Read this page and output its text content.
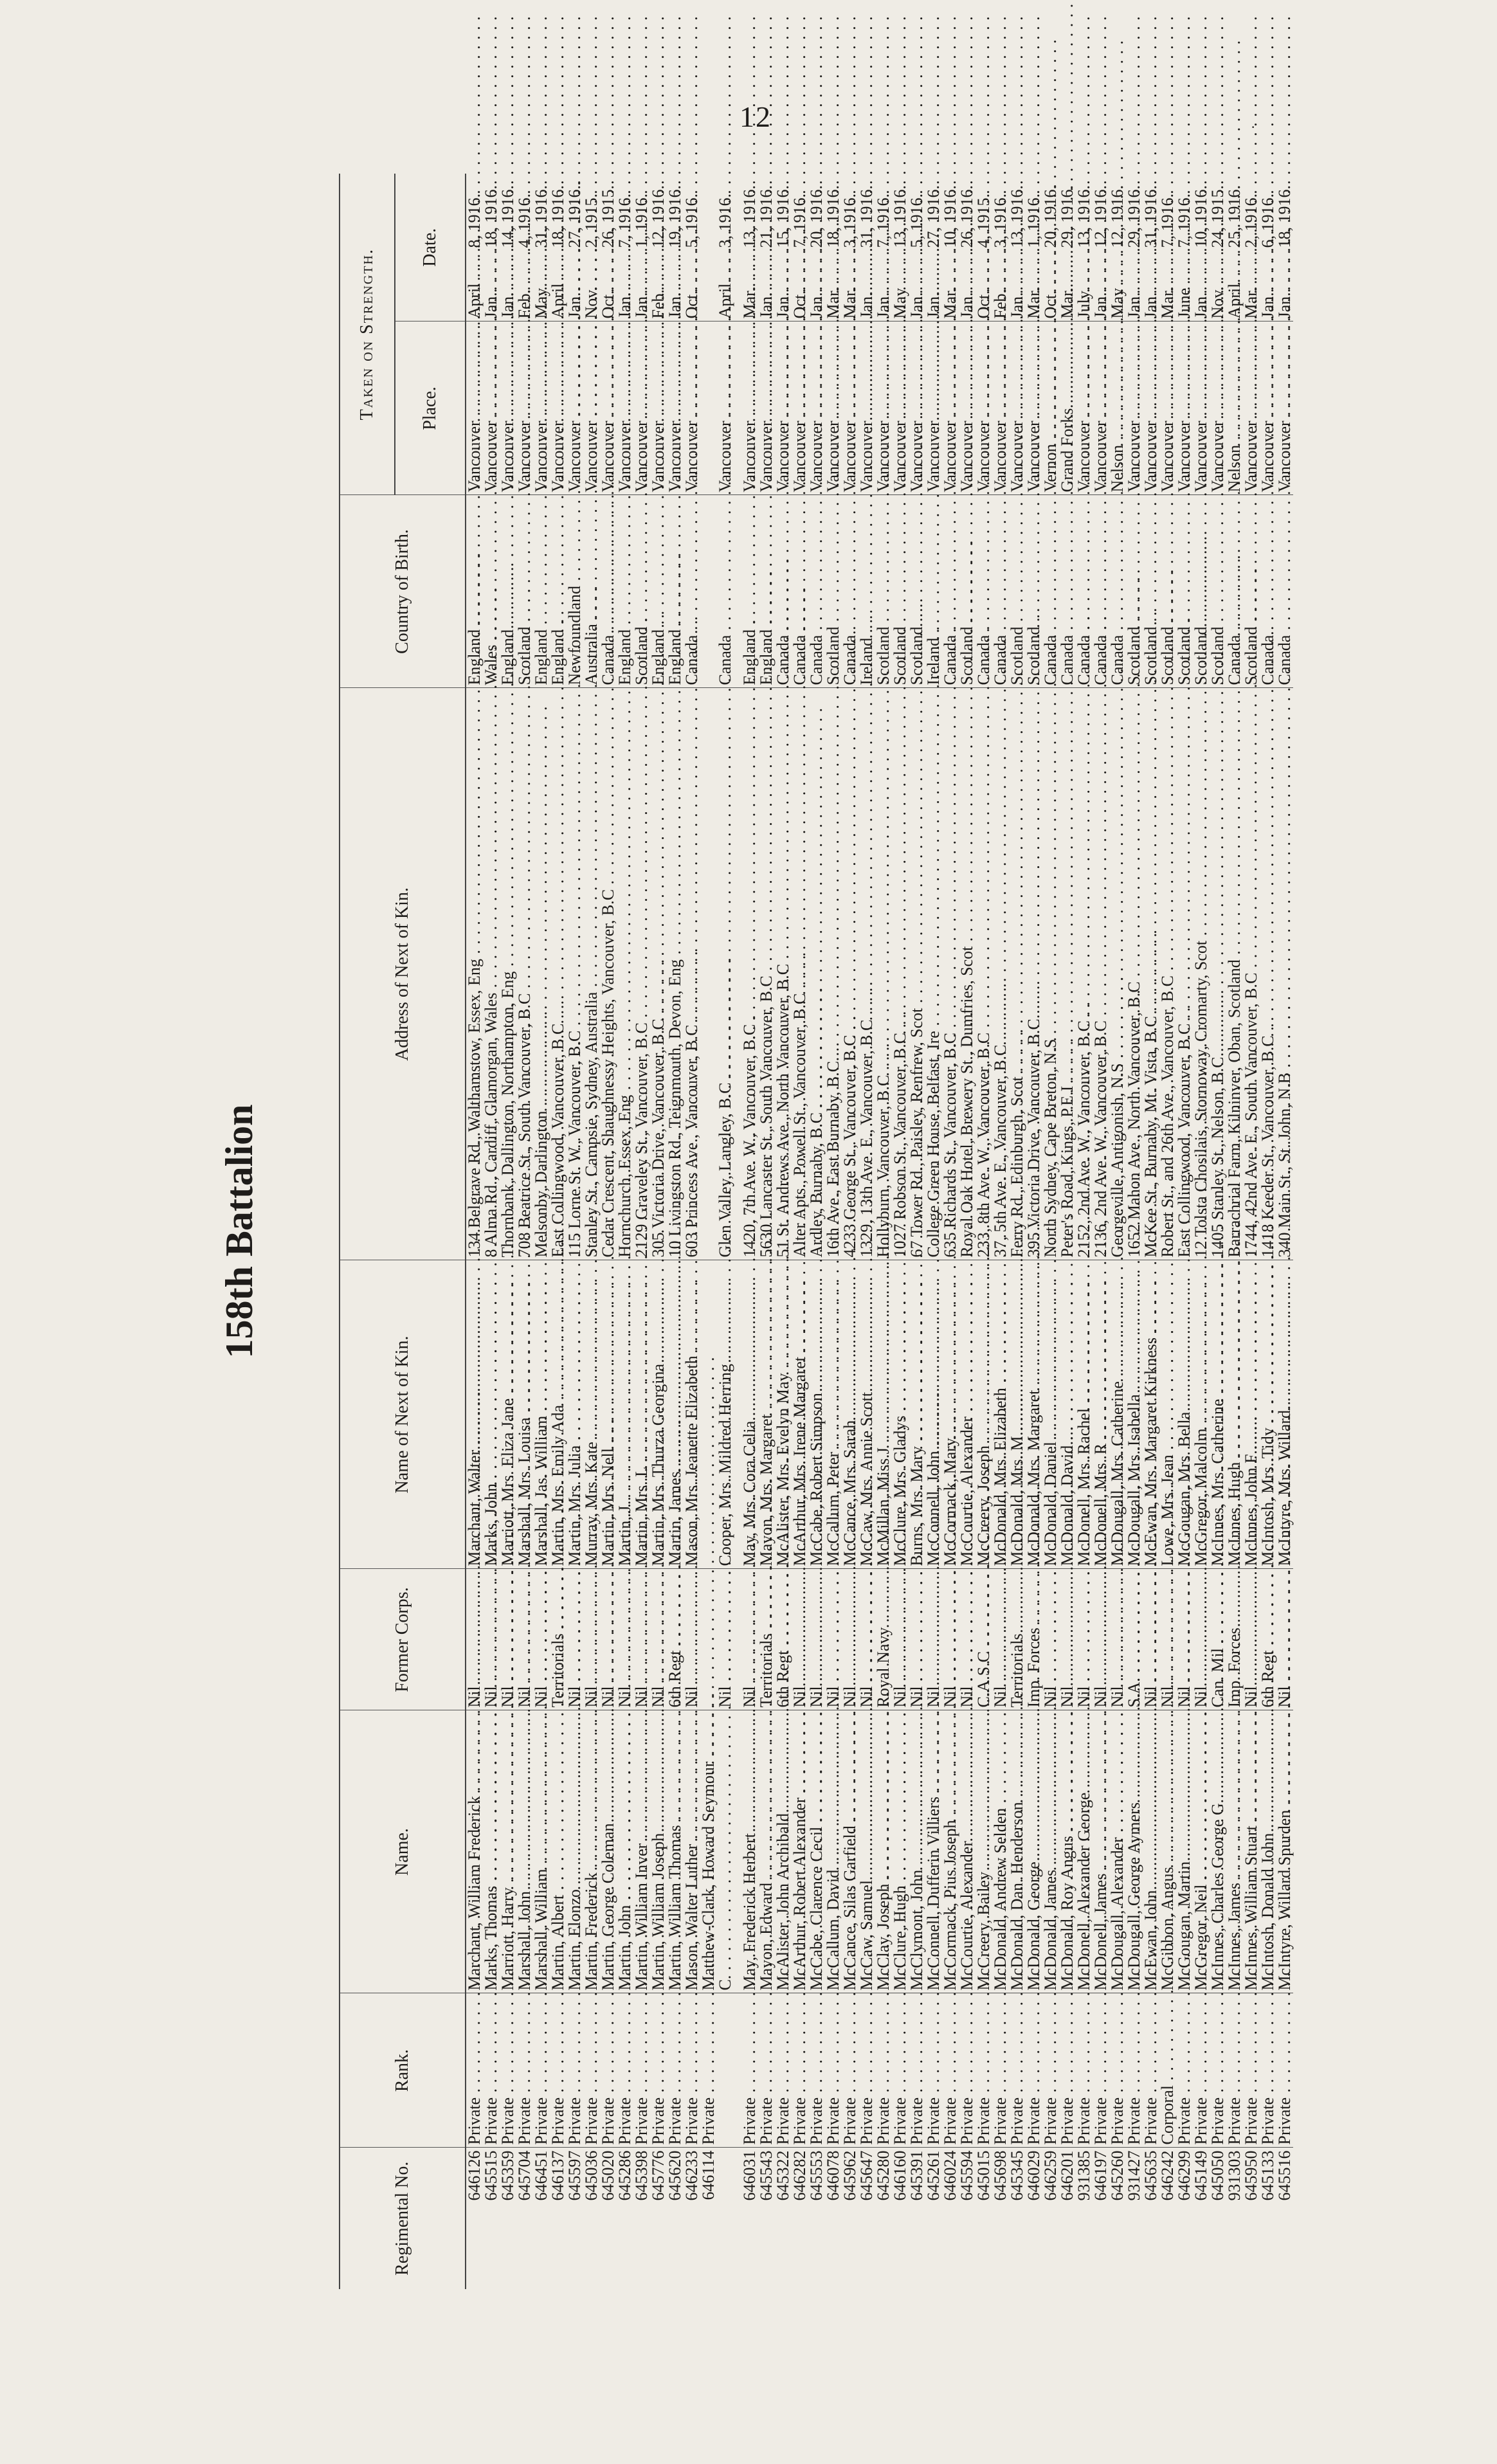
12	·
158th Battalion
Regimental No.	Rank.	Name.	Former Corps.	Name of Next of Kin.	Address of Next of Kin.	Country of Birth.	Taken on Strength.	
							Place.	Date.
646126	Private . . .	Marchant, William Frederick . . .	Nil . . .	Marchant, Walter . . .	134 Belgrave Rd., Walthamstow, Essex, Eng . . .	England . . .	Vancouver . . .	April8, 1916.
645515	Private . . .	Marks, Thomas . . .	Nil . . .	Marks, John . . .	8 Alma Rd., Cardiff, Glamorgan, Wales . . .	Wales . . .	Vancouver . . .	Jan.18, 1916.
645359	Private . . .	Marriott, Harry . . .	Nil . . .	Marriott, Mrs. Eliza Jane . . .	Thornbank, Dallington, Northampton, Eng . . .	England . . .	Vancouver . . .	Jan.14, 1916.
645704	Private . . .	Marshall, John . . .	Nil . . .	Marshall, Mrs. Louisa . . .	708 Beatrice St., South Vancouver, B.C . . .	Scotland . . .	Vancouver . . .	Feb.4, 1916.
646451	Private . . .	Marshall, William . . .	Nil . . .	Marshall, Jas. William . . .	Melsonby, Darlington . . .	England . . .	Vancouver . . .	May31, 1916.
646137	Private . . .	Martin, Albert . . .	Territorials . . .	Martin, Mrs. Emily Ada . . .	East Collingwood, Vancouver, B.C . . .	England . . .	Vancouver . . .	April18, 1916.
645597	Private . . .	Martin, Elonzo . . .	Nil . . .	Martin, Mrs. Julia . . .	115 Lorne St. W., Vancouver, B.C . . .	Newfoundland . . .	Vancouver . . .	Jan.27, 1916.
645036	Private . . .	Martin, Frederick . . .	Nil . . .	Murray, Mrs. Kate . . .	Stanley St., Campsie, Sydney, Australia . . .	Australia . . .	Vancouver . . .	Nov.2, 1915.
645020	Private . . .	Martin, George Coleman . . .	Nil . . .	Martin, Mrs. Nell . . .	Cedar Crescent, Shaughnessy Heights, Vancouver, B.C . . .	Canada . . .	Vancouver . . .	Oct.26, 1915.
645286	Private . . .	Martin, John . . .	Nil . . .	Martin, J . . .	Hornchurch, Essex, Eng . . .	England . . .	Vancouver . . .	Jan.7, 1916.
645398	Private . . .	Martin, William Inver . . .	Nil . . .	Martin, Mrs. L . . .	2129 Graveley St., Vancouver, B.C . . .	Scotland . . .	Vancouver . . .	Jan.1, 1916.
645776	Private . . .	Martin, William Joseph . . .	Nil . . .	Martin, Mrs. Thurza Georgina . . .	305 Victoria Drive, Vancouver, B.C . . .	England . . .	Vancouver . . .	Feb.12, 1916.
645620	Private . . .	Martin, William Thomas . . .	6th Regt . . .	Martin, James . . .	10 Livingston Rd., Teignmouth, Devon, Eng . . .	England . . .	Vancouver . . .	Jan.19, 1916.
646233	Private . . .	Mason, Walter Luther . . .	Nil . . .	Mason, Mrs. Jeanette Elizabeth . . .	603 Princess Ave., Vancouver, B.C . . .	Canada . . .	Vancouver . . .	Oct.5, 1916.
646114	Private . . .	Matthew-Clark, Howard Seymour . . .						
		C. . . .	Nil . . .	Cooper, Mrs. Mildred Herring . . .	Glen Valley, Langley, B.C . . .	Canada . . .	Vancouver . . .	April3, 1916.

646031	Private . . .	May, Frederick Herbert . . .	Nil . . .	May, Mrs. Cora Celia . . .	1420, 7th Ave. W., Vancouver, B.C . . .	England . . .	Vancouver . . .	Mar.13, 1916.
645543	Private . . .	Mayon, Edward . . .	Territorials . . .	Mayon, Mrs. Margaret . . .	5630 Lancaster St., South Vancouver, B.C . . .	England . . .	Vancouver . . .	Jan.21, 1916.
645322	Private . . .	McAlister, John Archibald . . .	6th Regt . . .	McAlister, Mrs. Evelyn May . . .	51 St. Andrews Ave., North Vancouver, B.C . . .	Canada . . .	Vancouver . . .	Jan.15, 1916.
646282	Private . . .	McArthur, Robert Alexander . . .	Nil . . .	McArthur, Mrs. Irene Margaret . . .	Alter Apts., Powell St., Vancouver, B.C . . .	Canada . . .	Vancouver . . .	Oct.7, 1916.
645553	Private . . .	McCabe, Clarence Cecil . . .	Nil . . .	McCabe, Robert Simpson . . .	Ardley, Burnaby, B.C . . .	Canada . . .	Vancouver . . .	Jan.20, 1916.
646078	Private . . .	McCallum, David . . .	Nil . . .	McCallum, Peter . . .	16th Ave., East Burnaby, B.C . . .	Scotland . . .	Vancouver . . .	Mar.18, 1916.
645962	Private . . .	McCance, Silas Garfield . . .	Nil . . .	McCance, Mrs. Sarah . . .	4233 George St., Vancouver, B.C . . .	Canada . . .	Vancouver . . .	Mar.3, 1916.
645647	Private . . .	McCaw, Samuel . . .	Nil . . .	McCaw, Mrs. Annie Scott . . .	1329, 13th Ave. E., Vancouver, B.C . . .	Ireland . . .	Vancouver . . .	Jan.31, 1916.
645280	Private . . .	McClay, Joseph . . .	Royal Navy . . .	McMillan, Miss J . . .	Hollyburn, Vancouver, B.C . . .	Scotland . . .	Vancouver . . .	Jan.7, 1916.
646160	Private . . .	McClure, Hugh . . .	Nil . . .	McClure, Mrs. Gladys . . .	1027 Robson St., Vancouver, B.C . . .	Scotland . . .	Vancouver . . .	May13, 1916.
645391	Private . . .	McClymont, John . . .	Nil . . .	Burns, Mrs. Mary . . .	67 Tower Rd., Paisley, Renfrew, Scot . . .	Scotland . . .	Vancouver . . .	Jan.5, 1916.
645261	Private . . .	McConnell, Dufferin Villiers . . .	Nil . . .	McConnell, John . . .	College Green House, Belfast, Ire . . .	Ireland . . .	Vancouver . . .	Jan.27, 1916.
646024	Private . . .	McCormack, Pius Joseph . . .	Nil . . .	McCormack, Mary . . .	635 Richards St., Vancouver, B.C . . .	Canada . . .	Vancouver . . .	Mar.10, 1916.
645594	Private . . .	McCourtie, Alexander . . .	Nil . . .	McCourtie, Alexander . . .	Royal Oak Hotel, Brewery St., Dumfries, Scot . . .	Scotland . . .	Vancouver . . .	Jan.26, 1916.
645015	Private . . .	McCreery, Bailey . . .	C.A.S.C . . .	McCreery, Joseph . . .	233, 8th Ave. W., Vancouver, B.C . . .	Canada . . .	Vancouver . . .	Oct.4, 1915.
645698	Private . . .	McDonald, Andrew Selden . . .	Nil . . .	McDonald, Mrs. Elizabeth . . .	37, 5th Ave. E., Vancouver, B.C . . .	Canada . . .	Vancouver . . .	Feb.3, 1916.
645345	Private . . .	McDonald, Dan. Henderson . . .	Territorials . . .	McDonald, Mrs. M . . .	Ferry Rd., Edinburgh, Scot . . .	Scotland . . .	Vancouver . . .	Jan.13, 1916.
646029	Private . . .	McDonald, George . . .	Imp. Forces . . .	McDonald, Mrs. Margaret . . .	395 Victoria Drive, Vancouver, B.C . . .	Scotland . . .	Vancouver . . .	Mar.1, 1916.
646259	Private . . .	McDonald, James . . .	Nil . . .	McDonald, Daniel . . .	North Sydney, Cape Breton, N.S . . .	Canada . . .	Vernon . . .	Oct.20, 1916.
646201	Private . . .	McDonald, Roy Angus . . .	Nil . . .	McDonald, David . . .	Peter's Road, Kings, P.E.I . . .	Canada . . .	Grand Forks . . .	Mar.29, 1916.
931385	Private . . .	McDonell, Alexander George . . .	Nil . . .	McDonell, Mrs. Rachel . . .	2152, 2nd Ave. W., Vancouver, B.C . . .	Canada . . .	Vancouver . . .	July13, 1916.
646197	Private . . .	McDonell, James . . .	Nil . . .	McDonell, Mrs. R . . .	2136, 2nd Ave. W., Vancouver, B.C . . .	Canada . . .	Vancouver . . .	Jan.12, 1916.
645260	Private . . .	McDougall, Alexander . . .	Nil . . .	McDougall, Mrs. Catherine . . .	Georgeville, Antigonish, N.S . . .	Canada . . .	Nelson . . .	May12, 1916.
931427	Private . . .	McDougall, George Aymers . . .	S.A. . . .	McDougall, Mrs. Isabella . . .	1652 Mahon Ave., North Vancouver, B.C . . .	Scotland . . .	Vancouver . . .	Jan.29, 1916.
645635	Private . . .	McEwan, John . . .	Nil . . .	McEwan, Mrs. Margaret Kirkness . . .	McKee St., Burnaby, Mt. Vista, B.C . . .	Scotland . . .	Vancouver . . .	Jan.31, 1916.
646242	Corporal . . .	McGibbon, Angus . . .	Nil . . .	Lowe, Mrs. Jean . . .	Robert St., and 26th Ave., Vancouver, B.C . . .	Scotland . . .	Vancouver . . .	Mar.7, 1916.
646299	Private . . .	McGougan, Martin . . .	Nil . . .	McGougan, Mrs. Bella . . .	East Collingwood, Vancouver, B.C . . .	Scotland . . .	Vancouver . . .	June7, 1916.
645149	Private . . .	McGregor, Neil . . .	Nil . . .	McGregor, Malcolm . . .	12 Tolsta Chosilais, Stornoway, Cromarty, Scot . . .	Scotland . . .	Vancouver . . .	Jan.10, 1916.
645050	Private . . .	McInnes, Charles George G . . .	Can. Mil . . .	McInnes, Mrs. Catherine . . .	1405 Stanley St., Nelson, B.C . . .	Scotland . . .	Vancouver . . .	Nov.24, 1915.
931303	Private . . .	McInnes, James . . .	Imp. Forces . . .	McInnes, Hugh . . .	Barrachrial Farm, Kilninver, Oban, Scotland . . .	Canada . . .	Nelson . . .	April25, 1916.
645950	Private . . .	McInnes, William Stuart . . .	Nil . . .	McInnes, John F . . .	1744, 42nd Ave. E., South Vancouver, B.C . . .	Scotland . . .	Vancouver . . .	Mar.2, 1916.
645133	Private . . .	McIntosh, Donald John . . .	6th Regt . . .	McIntosh, Mrs. Tidy . . .	1418 Keeder St., Vancouver, B.C . . .	Canada . . .	Vancouver . . .	Jan.6, 1916.
645516	Private . . .	McIntyre, Willard Spurden . . .	Nil . . .	McIntyre, Mrs. Willard . . .	340 Main St., St. John, N.B . . .	Canada . . .	Vancouver . . .	Jan.18, 1916.
